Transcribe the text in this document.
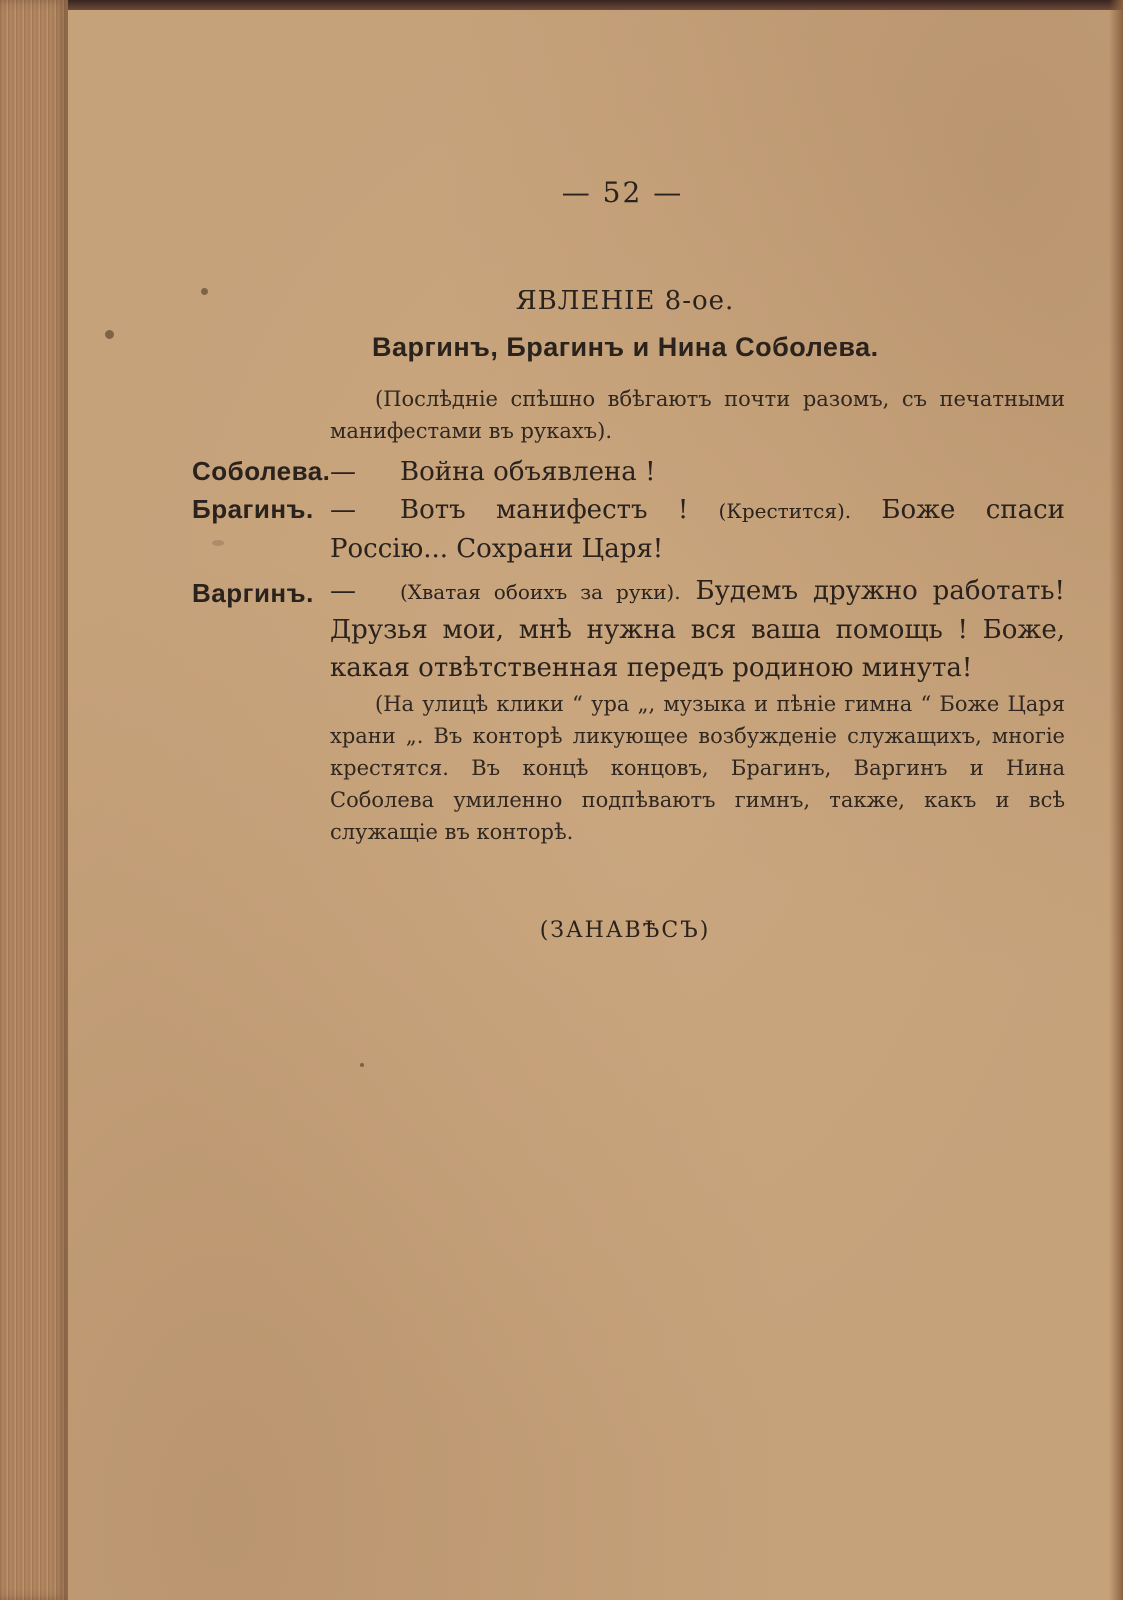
— 52 —
ЯВЛЕНІЕ 8-ое.
Варгинъ, Брагинъ и Нина Соболева.
(Послѣдніе спѣшно вбѣгаютъ почти разомъ, съ печатными манифестами въ рукахъ).
Соболева. — Война объявлена !
Брагинъ. — Вотъ манифестъ ! (Крестится). Боже спаси Россію... Сохрани Царя!
Варгинъ. — (Хватая обоихъ за руки). Будемъ дружно работать! Друзья мои, мнѣ нужна вся ваша помощь ! Боже, какая отвѣтственная передъ родиною минута!
(На улицѣ клики “ ура „, музыка и пѣніе гимна “ Боже Царя храни „. Въ конторѣ ликующее возбужденіе служащихъ, многіе крестятся. Въ концѣ концовъ, Брагинъ, Варгинъ и Нина Соболева умиленно подпѣваютъ гимнъ, также, какъ и всѣ служащіе въ конторѣ.
(ЗАНАВѢСЪ)
